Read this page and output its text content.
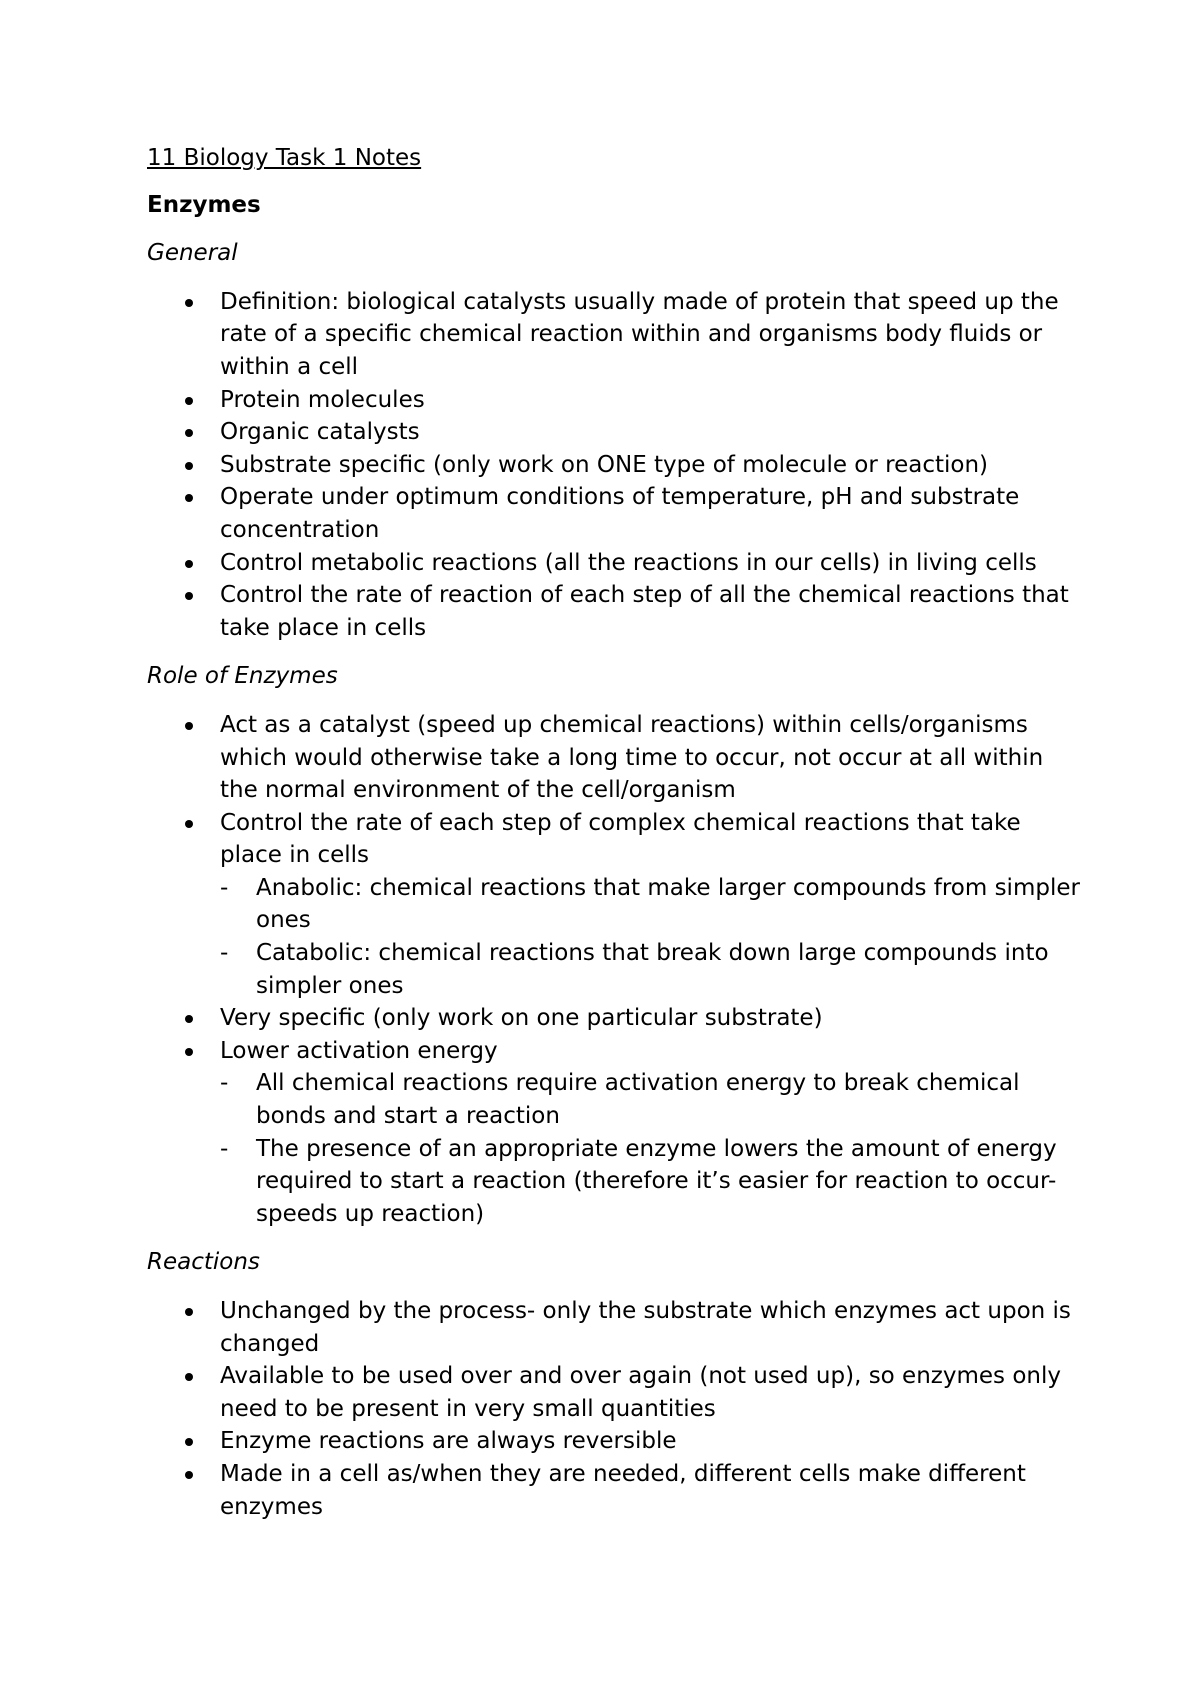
11 Biology Task 1 Notes

Enzymes

General

Definition: biological catalysts usually made of protein that speed up the rate of a specific chemical reaction within and organisms body fluids or within a cell
Protein molecules
Organic catalysts
Substrate specific (only work on ONE type of molecule or reaction)
Operate under optimum conditions of temperature, pH and substrate concentration
Control metabolic reactions (all the reactions in our cells) in living cells
Control the rate of reaction of each step of all the chemical reactions that take place in cells

Role of Enzymes

Act as a catalyst (speed up chemical reactions) within cells/organisms which would otherwise take a long time to occur, not occur at all within the normal environment of the cell/organism
Control the rate of each step of complex chemical reactions that take place in cells
-	Anabolic: chemical reactions that make larger compounds from simpler ones
-	Catabolic: chemical reactions that break down large compounds into simpler ones
Very specific (only work on one particular substrate)
Lower activation energy
-	All chemical reactions require activation energy to break chemical bonds and start a reaction
-	The presence of an appropriate enzyme lowers the amount of energy required to start a reaction (therefore it’s easier for reaction to occur- speeds up reaction)

Reactions

Unchanged by the process- only the substrate which enzymes act upon is changed
Available to be used over and over again (not used up), so enzymes only need to be present in very small quantities
Enzyme reactions are always reversible
Made in a cell as/when they are needed, different cells make different enzymes
